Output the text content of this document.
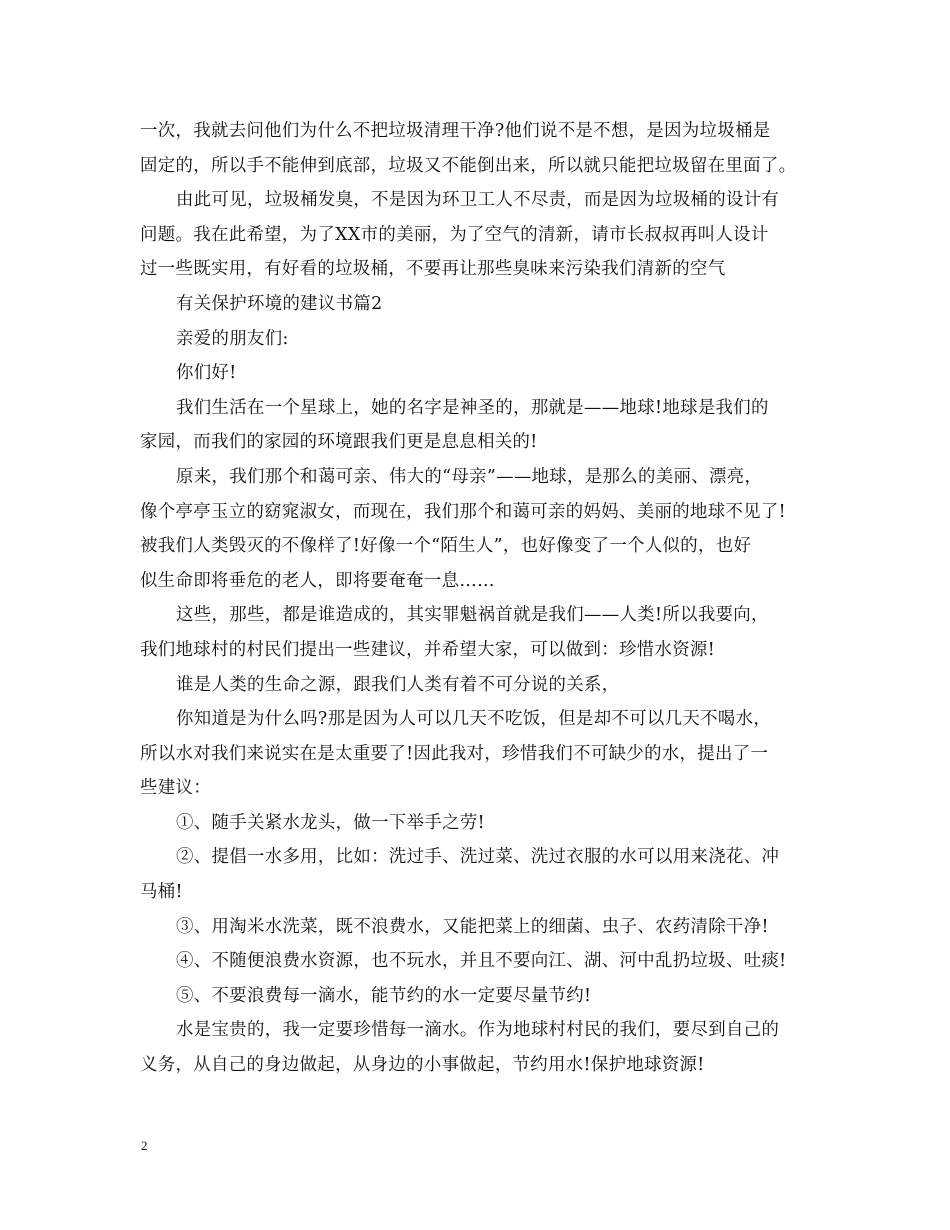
一次，我就去问他们为什么不把垃圾清理干净?他们说不是不想，是因为垃圾桶是

固定的，所以手不能伸到底部，垃圾又不能倒出来，所以就只能把垃圾留在里面了。

由此可见，垃圾桶发臭，不是因为环卫工人不尽责，而是因为垃圾桶的设计有

问题。我在此希望，为了XX市的美丽，为了空气的清新，请市长叔叔再叫人设计

过一些既实用，有好看的垃圾桶，不要再让那些臭味来污染我们清新的空气

有关保护环境的建议书篇2

亲爱的朋友们:

你们好!

我们生活在一个星球上，她的名字是神圣的，那就是——地球!地球是我们的

家园，而我们的家园的环境跟我们更是息息相关的!

原来，我们那个和蔼可亲、伟大的“母亲”——地球，是那么的美丽、漂亮，

像个亭亭玉立的窈窕淑女，而现在，我们那个和蔼可亲的妈妈、美丽的地球不见了!

被我们人类毁灭的不像样了!好像一个“陌生人”，也好像变了一个人似的，也好

似生命即将垂危的老人，即将要奄奄一息……

这些，那些，都是谁造成的，其实罪魁祸首就是我们——人类!所以我要向，

我们地球村的村民们提出一些建议，并希望大家，可以做到：珍惜水资源!

谁是人类的生命之源，跟我们人类有着不可分说的关系，

你知道是为什么吗?那是因为人可以几天不吃饭，但是却不可以几天不喝水，

所以水对我们来说实在是太重要了!因此我对，珍惜我们不可缺少的水，提出了一

些建议：

①、随手关紧水龙头，做一下举手之劳!

②、提倡一水多用，比如：洗过手、洗过菜、洗过衣服的水可以用来浇花、冲

马桶!

③、用淘米水洗菜，既不浪费水，又能把菜上的细菌、虫子、农药清除干净!

④、不随便浪费水资源，也不玩水，并且不要向江、湖、河中乱扔垃圾、吐痰!

⑤、不要浪费每一滴水，能节约的水一定要尽量节约!

水是宝贵的，我一定要珍惜每一滴水。作为地球村村民的我们，要尽到自己的

义务，从自己的身边做起，从身边的小事做起，节约用水!保护地球资源!

2
